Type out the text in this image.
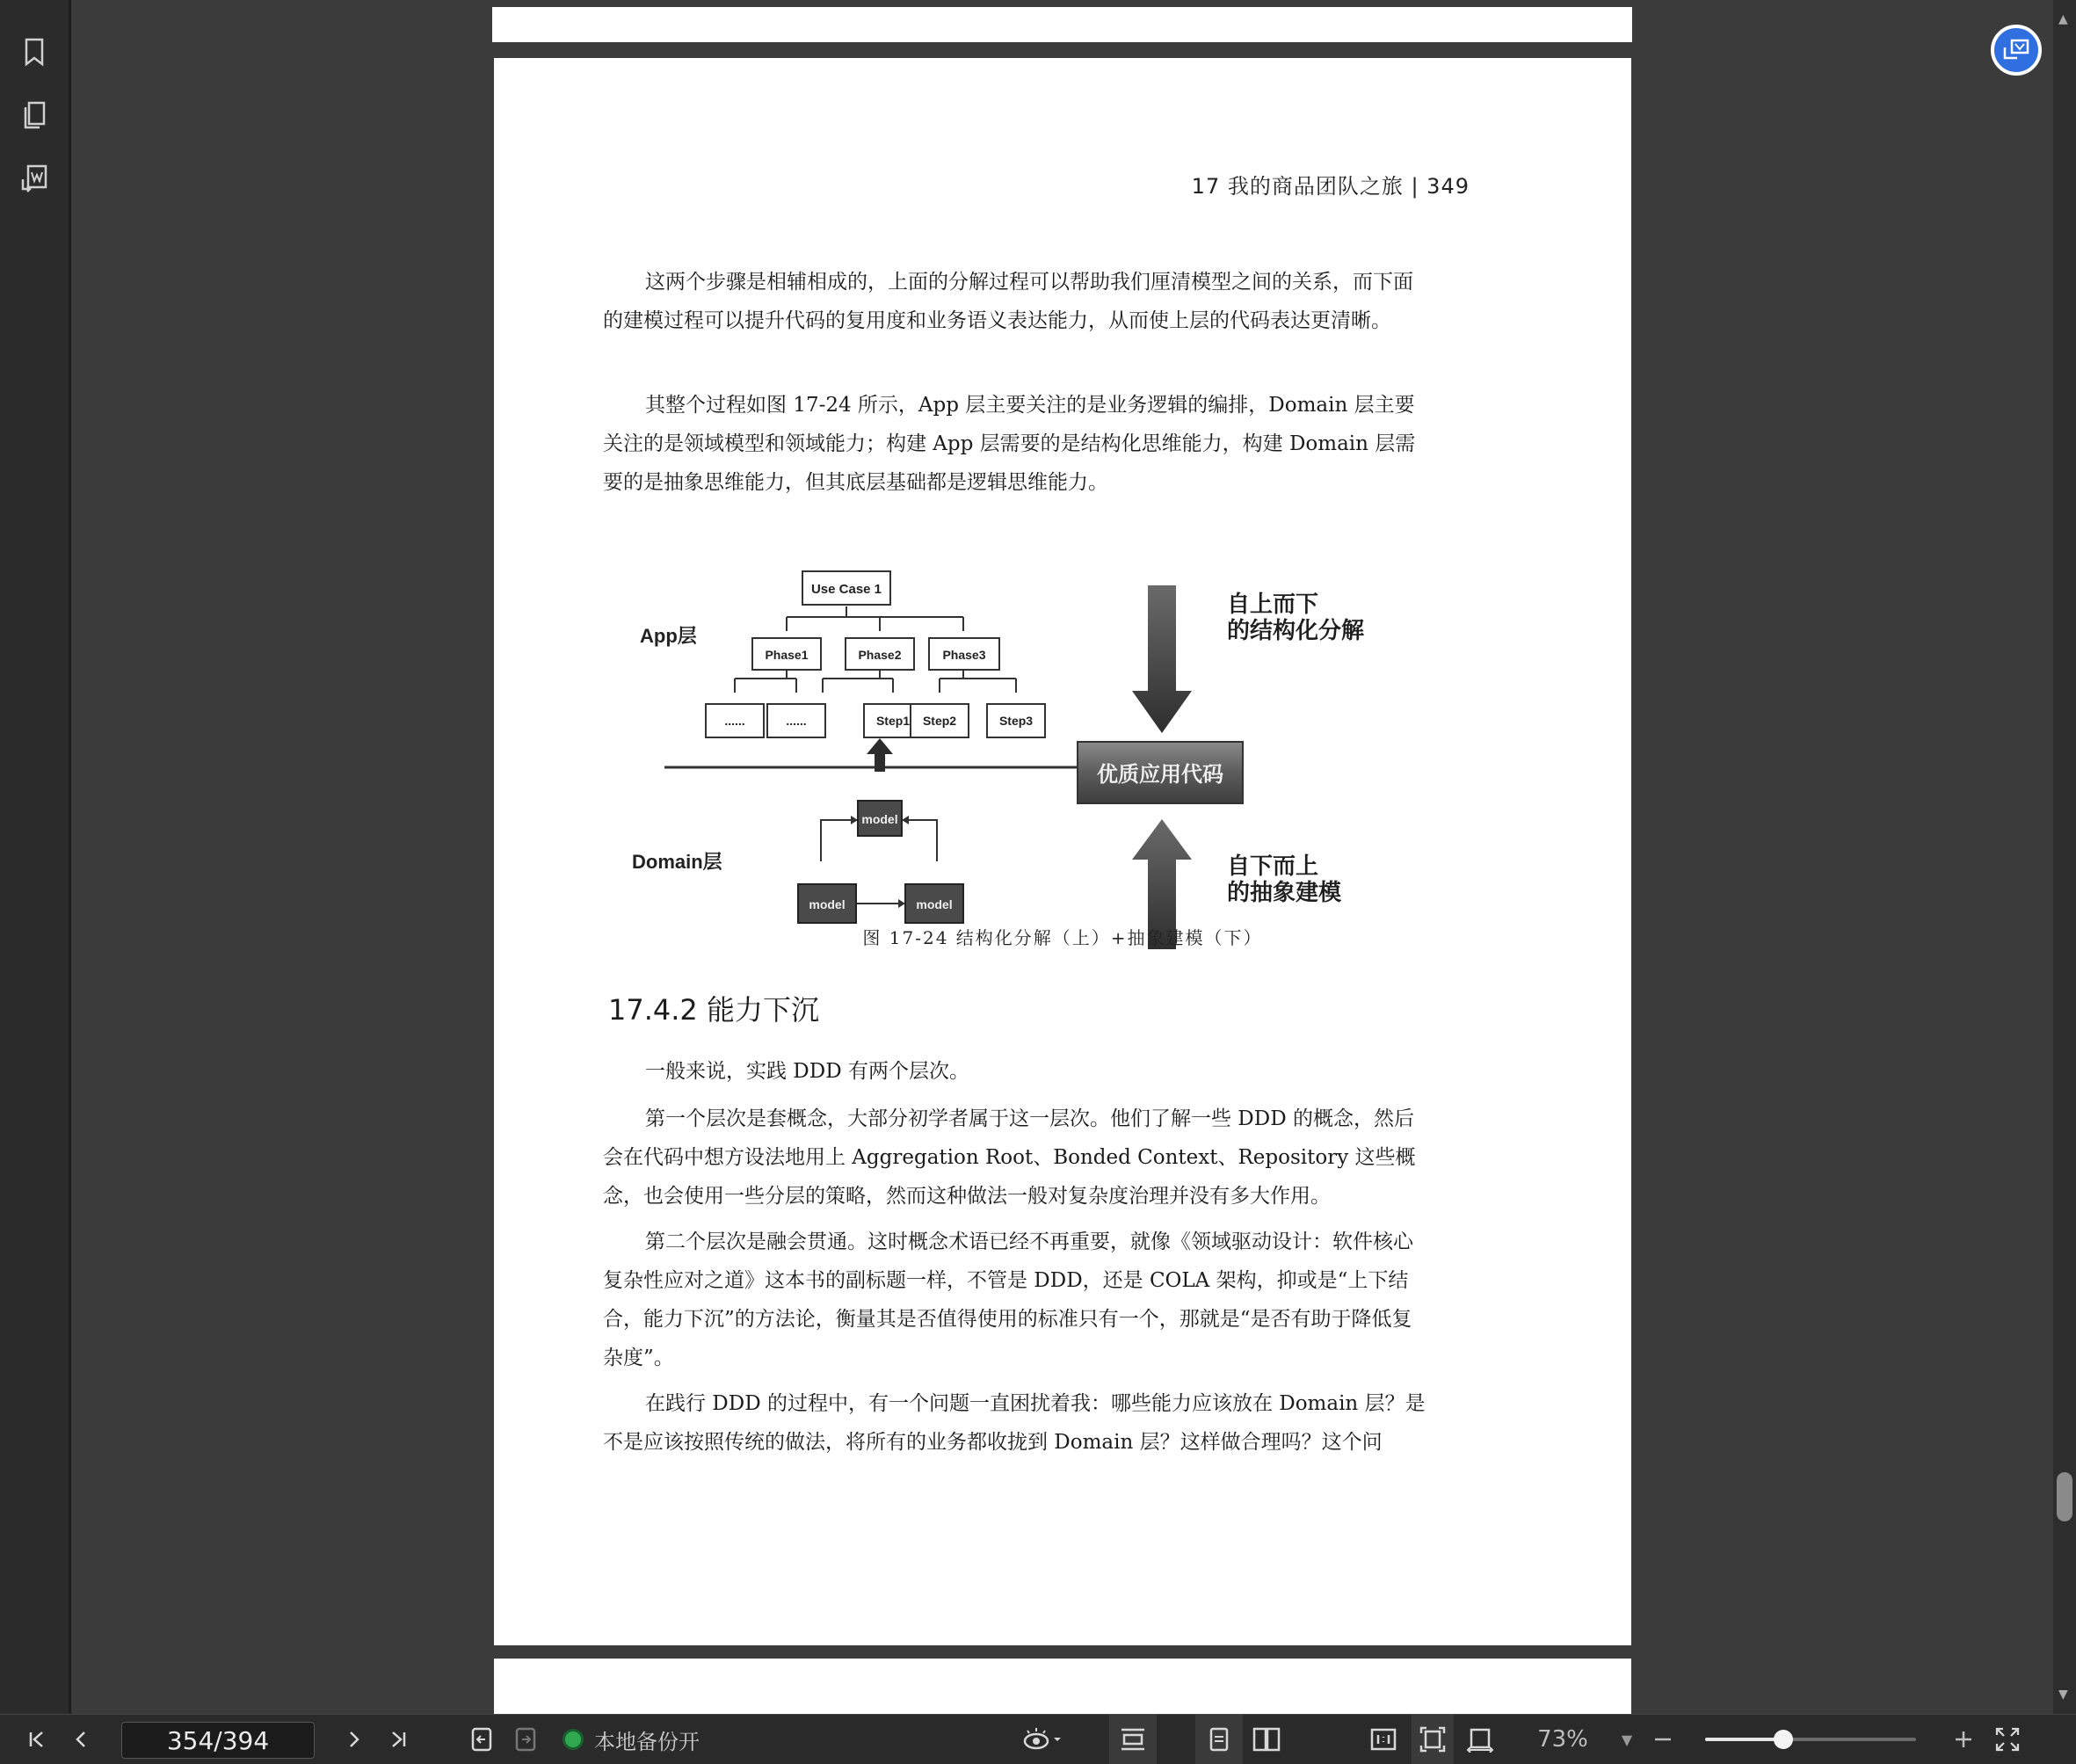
17 我的商品团队之旅 | 349

这两个步骤是相辅相成的，上面的分解过程可以帮助我们厘清模型之间的关系，而下面的建模过程可以提升代码的复用度和业务语义表达能力，从而使上层的代码表达更清晰。

其整个过程如图 17-24 所示，App 层主要关注的是业务逻辑的编排，Domain 层主要关注的是领域模型和领域能力；构建 App 层需要的是结构化思维能力，构建 Domain 层需要的是抽象思维能力，但其底层基础都是逻辑思维能力。

App层
Domain层
Use Case 1
Phase1	Phase2	Phase3
......	......	Step1 Step2	Step3
model
model	model
自上而下
的结构化分解
优质应用代码
自下而上
的抽象建模
图 17-24 结构化分解（上）+抽象建模（下）
17.4.2 能力下沉

一般来说，实践 DDD 有两个层次。

第一个层次是套概念，大部分初学者属于这一层次。他们了解一些 DDD 的概念，然后会在代码中想方设法地用上 Aggregation Root、Bonded Context、Repository 这些概念，也会使用一些分层的策略，然而这种做法一般对复杂度治理并没有多大作用。

第二个层次是融会贯通。这时概念术语已经不再重要，就像《领域驱动设计：软件核心复杂性应对之道》这本书的副标题一样，不管是 DDD，还是 COLA 架构，抑或是“上下结合，能力下沉”的方法论，衡量其是否值得使用的标准只有一个，那就是“是否有助于降低复杂度”。

在践行 DDD 的过程中，有一个问题一直困扰着我：哪些能力应该放在 Domain 层？是不是应该按照传统的做法，将所有的业务都收拢到 Domain 层？这样做合理吗？这个问

▲
▼
354/394	本地备份开	73%	▼
